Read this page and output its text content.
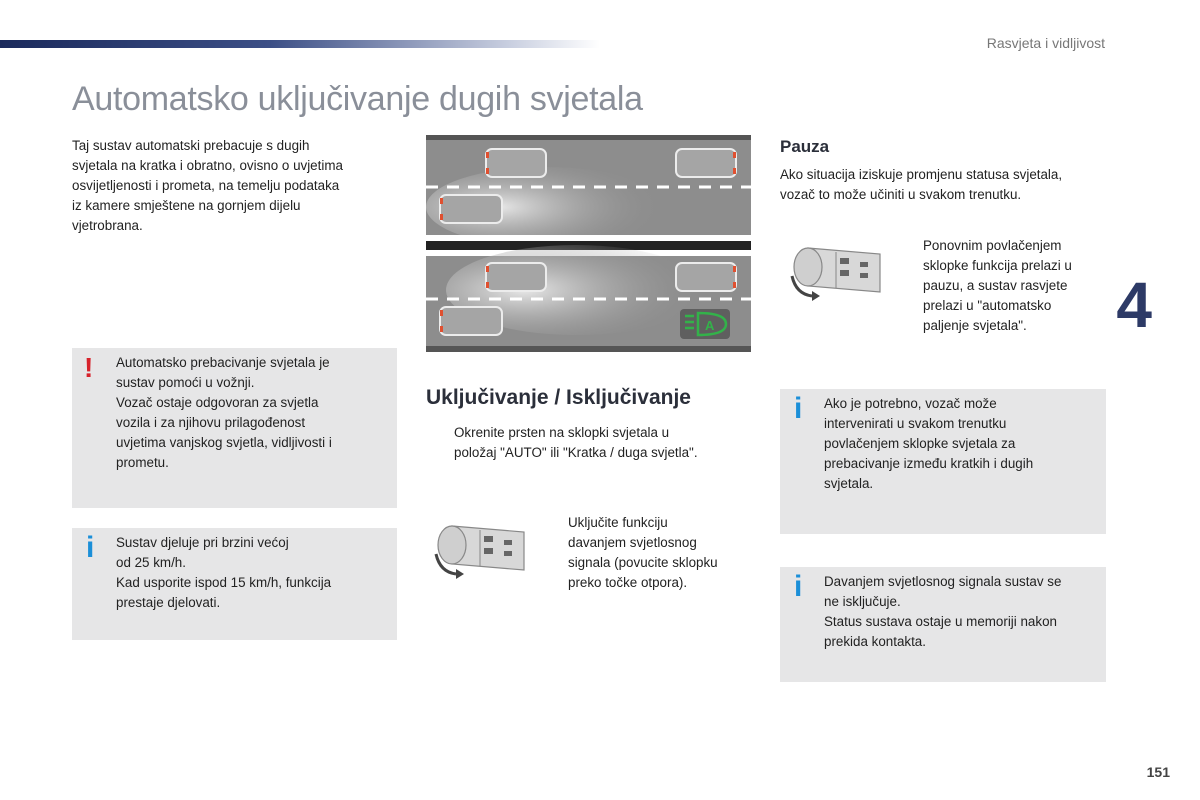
Rasvjeta i vidljivost
Automatsko uključivanje dugih svjetala
Taj sustav automatski prebacuje s dugih
svjetala na kratka i obratno, ovisno o uvjetima
osvijetljenosti i prometa, na temelju podataka
iz kamere smještene na gornjem dijelu
vjetrobrana.
! Automatsko prebacivanje svjetala je
sustav pomoći u vožnji.
Vozač ostaje odgovoran za svjetla
vozila i za njihovu prilagođenost
uvjetima vanjskog svjetla, vidljivosti i
prometu.
i Sustav djeluje pri brzini većoj
od 25 km/h.
Kad usporite ispod 15 km/h, funkcija
prestaje djelovati.
A
Uključivanje / Isključivanje
Okrenite prsten na sklopki svjetala u
položaj "AUTO" ili "Kratka / duga svjetla".
Uključite funkciju
davanjem svjetlosnog
signala (povucite sklopku
preko točke otpora).
Pauza
Ako situacija iziskuje promjenu statusa svjetala,
vozač to može učiniti u svakom trenutku.
Ponovnim povlačenjem
sklopke funkcija prelazi u
pauzu, a sustav rasvjete
prelazi u "automatsko
paljenje svjetala".
i Ako je potrebno, vozač može
intervenirati u svakom trenutku
povlačenjem sklopke svjetala za
prebacivanje između kratkih i dugih
svjetala.
i Davanjem svjetlosnog signala sustav se
ne isključuje.
Status sustava ostaje u memoriji nakon
prekida kontakta.
4
151
